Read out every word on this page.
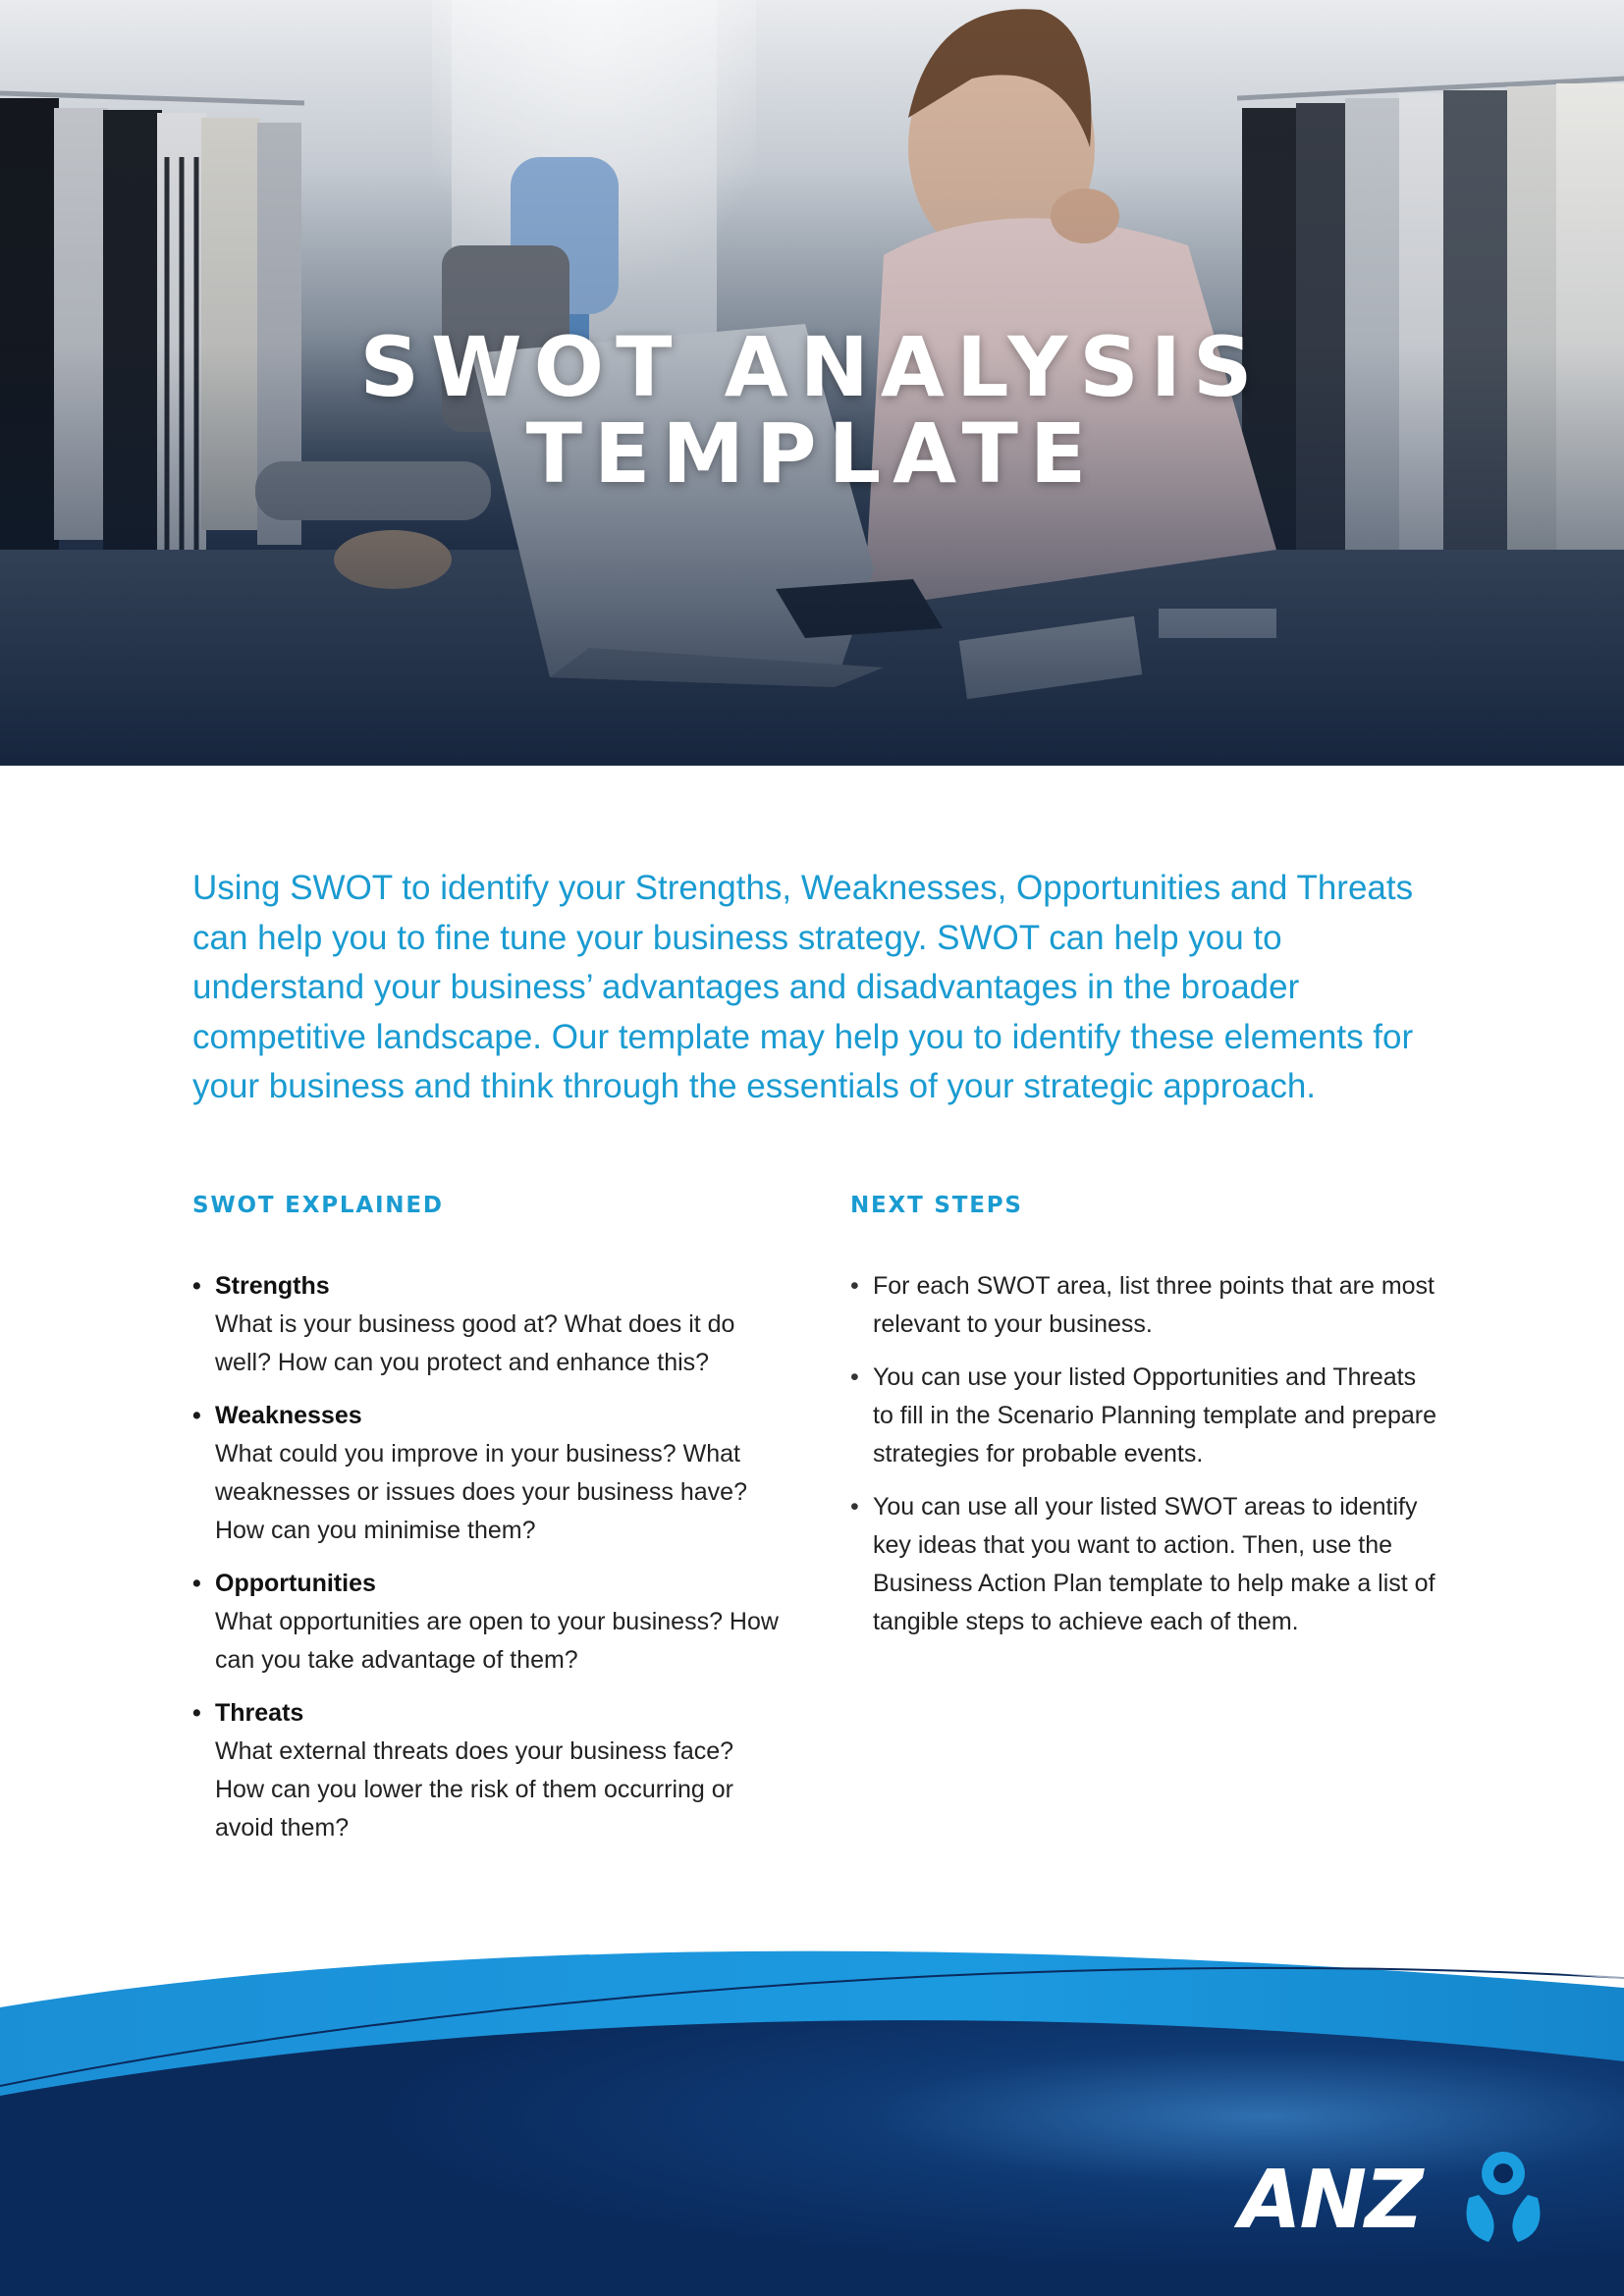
SWOT ANALYSIS
TEMPLATE

Using SWOT to identify your Strengths, Weaknesses, Opportunities and Threats can help you to fine tune your business strategy. SWOT can help you to understand your business’ advantages and disadvantages in the broader competitive landscape. Our template may help you to identify these elements for your business and think through the essentials of your strategic approach.

SWOT EXPLAINED
• Strengths
What is your business good at? What does it do well? How can you protect and enhance this?
• Weaknesses
What could you improve in your business? What weaknesses or issues does your business have? How can you minimise them?
• Opportunities
What opportunities are open to your business? How can you take advantage of them?
• Threats
What external threats does your business face? How can you lower the risk of them occurring or avoid them?
NEXT STEPS
• For each SWOT area, list three points that are most relevant to your business.
• You can use your listed Opportunities and Threats to fill in the Scenario Planning template and prepare strategies for probable events.
• You can use all your listed SWOT areas to identify key ideas that you want to action. Then, use the Business Action Plan template to help make a list of tangible steps to achieve each of them.
ANZ
